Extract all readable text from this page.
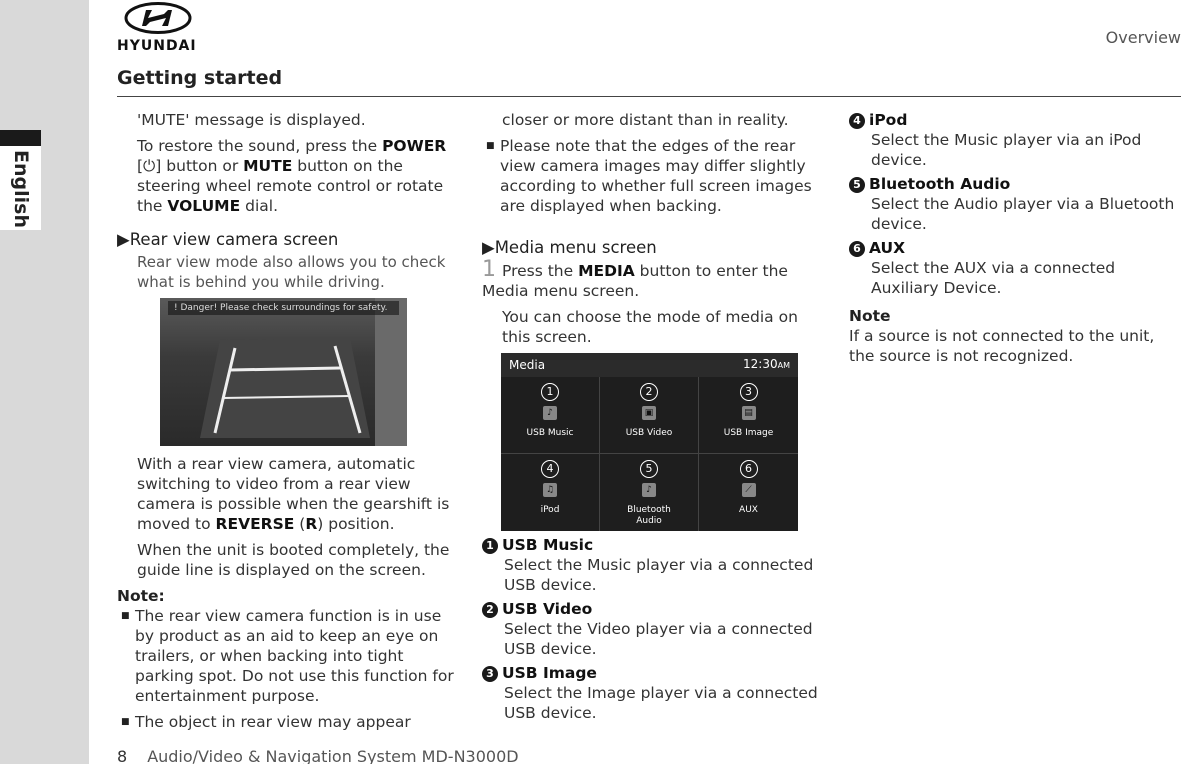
English
HYUNDAI	Overview
Getting started

'MUTE' message is displayed.

To restore the sound, press the POWER
[⏻] button or MUTE button on the steering wheel remote control or rotate the VOLUME dial.

▶Rear view camera screen

Rear view mode also allows you to check what is behind you while driving.

! Danger! Please check surroundings for safety.

With a rear view camera, automatic switching to video from a rear view camera is possible when the gearshift is moved to REVERSE (R) position.

When the unit is booted completely, the guide line is displayed on the screen.

Note:

■ The rear view camera function is in use by product as an aid to keep an eye on trailers, or when backing into tight parking spot. Do not use this function for entertainment purpose.

■ The object in rear view may appear

closer or more distant than in reality.

■ Please note that the edges of the rear view camera images may differ slightly according to whether full screen images are displayed when backing.

▶Media menu screen

1 Press the MEDIA button to enter the Media menu screen.

You can choose the mode of media on this screen.

Media	12:30AM
1
♪
USB Music
2
▣
USB Video
3
▤
USB Image
4
♫
iPod
5
♪
Bluetooth Audio
6
⟋
AUX
1 USB Music
Select the Music player via a connected USB device.
2 USB Video
Select the Video player via a connected USB device.
3 USB Image
Select the Image player via a connected USB device.
4 iPod
Select the Music player via an iPod device.
5 Bluetooth Audio
Select the Audio player via a Bluetooth device.
6 AUX
Select the AUX via a connected Auxiliary Device.
Note

If a source is not connected to the unit, the source is not recognized.

8 Audio/Video & Navigation System MD-N3000D
